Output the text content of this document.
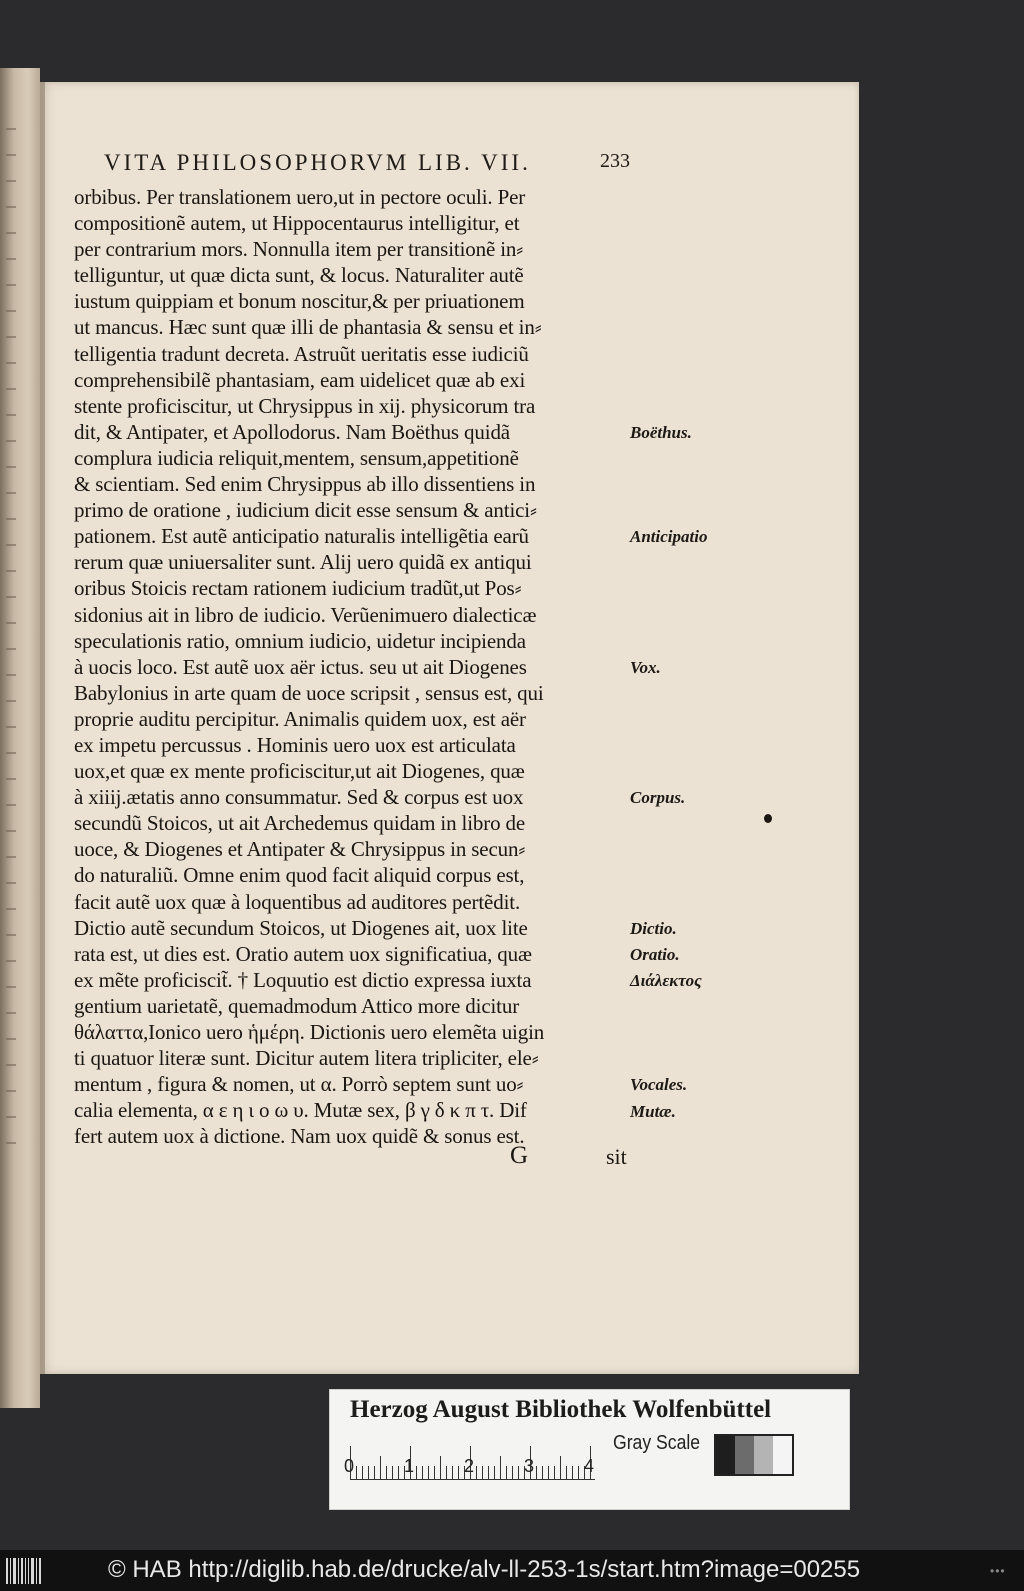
VITA PHILOSOPHORVM LIB. VII.	233
orbibus. Per translationem uero,ut in pectore oculi. Per
compositionẽ autem, ut Hippocentaurus intelligitur, et
per contrarium mors. Nonnulla item per transitionẽ in⸗
telliguntur, ut quæ dicta sunt, & locus. Naturaliter autẽ
iustum quippiam et bonum noscitur,& per priuationem
ut mancus. Hæc sunt quæ illi de phantasia & sensu et in⸗
telligentia tradunt decreta. Astruũt ueritatis esse iudiciũ
comprehensibilẽ phantasiam, eam uidelicet quæ ab exi
stente proficiscitur, ut Chrysippus in xij. physicorum tra
dit, & Antipater, et Apollodorus. Nam Boëthus quidã
complura iudicia reliquit,mentem, sensum,appetitionẽ
& scientiam. Sed enim Chrysippus ab illo dissentiens in
primo de oratione , iudicium dicit esse sensum & antici⸗
pationem. Est autẽ anticipatio naturalis intelligẽtia earũ
rerum quæ uniuersaliter sunt. Alij uero quidã ex antiqui
oribus Stoicis rectam rationem iudicium tradũt,ut Pos⸗
sidonius ait in libro de iudicio. Verũenimuero dialecticæ
speculationis ratio, omnium iudicio, uidetur incipienda
à uocis loco. Est autẽ uox aër ictus. seu ut ait Diogenes
Babylonius in arte quam de uoce scripsit , sensus est, qui
proprie auditu percipitur. Animalis quidem uox, est aër
ex impetu percussus . Hominis uero uox est articulata
uox,et quæ ex mente proficiscitur,ut ait Diogenes, quæ
à xiiij.ætatis anno consummatur. Sed & corpus est uox
secundũ Stoicos, ut ait Archedemus quidam in libro de
uoce, & Diogenes et Antipater & Chrysippus in secun⸗
do naturaliũ. Omne enim quod facit aliquid corpus est,
facit autẽ uox quæ à loquentibus ad auditores pertẽdit.
Dictio autẽ secundum Stoicos, ut Diogenes ait, uox lite
rata est, ut dies est. Oratio autem uox significatiua, quæ
ex mẽte proficiscit̃. † Loquutio est dictio expressa iuxta
gentium uarietatẽ, quemadmodum Attico more dicitur
θάλαττα,Ionico uero ἡμέρη. Dictionis uero elemẽta uigin
ti quatuor literæ sunt. Dicitur autem litera tripliciter, ele⸗
mentum , figura & nomen, ut α. Porrò septem sunt uo⸗
calia elementa, α ε η ι ο ω υ. Mutæ sex, β γ δ κ π τ. Dif
fert autem uox à dictione. Nam uox quidẽ & sonus est.
Boëthus.
Anticipatio
Vox.
Corpus.
Dictio.
Oratio.
Διάλεκτος
Vocales.
Mutæ.
G	sit
Herzog August Bibliothek Wolfenbüttel
0	1	2	3	4
Gray Scale
© HAB http://diglib.hab.de/drucke/alv-ll-253-1s/start.htm?image=00255	•••
